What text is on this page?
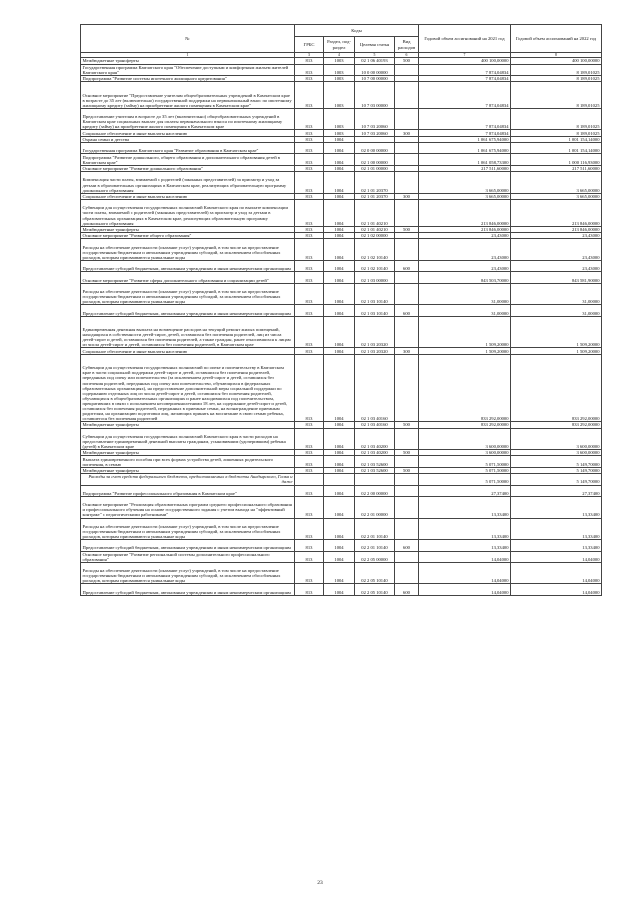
№	Коды				Годовой объем ассигнований на 2021 год	Годовой объем ассигнований на 2022 год
	ГРБС	Раздел, под-раздел	Целевая статья	Вид расходов		
1	3	4	5	6	7	8
Межбюджетные трансферты	813	1003	02 1 06 40193	500	400 100,00000	400 100,00000
Государственная программа Камчатского края "Обеспечение доступным и комфортным жильем жителей Камчатского края"	813	1003	10 0 00 00000		7 874,04834	8 189,01025
Подпрограмма "Развитие системы ипотечного жилищного кредитования"	813	1003	10 7 00 00000		7 874,04834	8 189,01025
Основное мероприятие "Предоставление учителям общеобразовательных учреждений в Камчатском крае в возрасте до 35 лет (включительно) государственной поддержки на первоначальный взнос по ипотечному жилищному кредиту (займу) на приобретение жилого помещения в Камчатском крае"	813	1003	10 7 03 00000		7 874,04834	8 189,01025
Предоставление учителям в возрасте до 35 лет (включительно) общеобразовательных учреждений в Камчатском крае социальных выплат для оплаты первоначального взноса по ипотечному жилищному кредиту (займу) на приобретение жилого помещения в Камчатском крае	813	1003	10 7 03 20060		7 874,04834	8 189,01025
Социальное обеспечение и иные выплаты населению	813	1003	10 7 03 20060	300	7 874,04834	8 189,01025
Охрана семьи и детства	813	1004			1 061 675,94000	1 001 154,14000
Государственная программа Камчатского края "Развитие образования в Камчатском крае"	813	1004	02 0 00 00000		1 061 675,94000	1 001 154,14000
Подпрограмма "Развитие дошкольного, общего образования и дополнительного образования детей в Камчатском крае"	813	1004	02 1 00 00000		1 061 058,73300	1 000 116,93000
Основное мероприятие "Развитие дошкольного образования"	813	1004	02 1 01 00000		217 511,60000	217 511,60000
Компенсация части платы, взимаемой с родителей (законных представителей) за присмотр и уход за детьми в образовательных организациях в Камчатском крае, реализующих образовательную программу дошкольного образования	813	1004	02 1 01 20370		3 665,00000	3 665,00000
Социальное обеспечение и иные выплаты населению	813	1004	02 1 01 20370	300	3 665,00000	3 665,00000
Субвенции для осуществления государственных полномочий Камчатского края по выплате компенсации части платы, взимаемой с родителей (законных представителей) за присмотр и уход за детьми в образовательных организациях в Камчатском крае, реализующих образовательную программу дошкольного образования	813	1004	02 1 01 40210		213 846,00000	213 846,00000
Межбюджетные трансферты	813	1004	02 1 01 40210	500	213 846,00000	213 846,00000
Основное мероприятие "Развитие общего образования"	813	1004	02 1 02 00000		23,43000	23,43000
Расходы на обеспечение деятельности (оказание услуг) учреждений, в том числе на предоставление государственным бюджетным и автономным учреждениям субсидий, за исключением обособленных расходов, которым присваиваются уникальные коды	813	1004	02 1 02 10140		23,43000	23,43000
Предоставление субсидий бюджетным, автономным учреждениям и иным некоммерческим организациям	813	1004	02 1 02 10140	600	23,43000	23,43000
Основное мероприятие "Развитие сферы дополнительного образования и социализации детей"	813	1004	02 1 03 00000		843 503,70000	843 581,90000
Расходы на обеспечение деятельности (оказание услуг) учреждений, в том числе на предоставление государственным бюджетным и автономным учреждениям субсидий, за исключением обособленных расходов, которым присваиваются уникальные коды	813	1004	02 1 03 10140		31,00000	31,00000
Предоставление субсидий бюджетным, автономным учреждениям и иным некоммерческим организациям	813	1004	02 1 03 10140	600	31,00000	31,00000
Единовременная денежная выплата на возмещение расходов на текущий ремонт жилых помещений, находящихся в собственности детей-сирот, детей, оставшихся без попечения родителей, лиц из числа детей-сирот и детей, оставшихся без попечения родителей, а также граждан, ранее относившихся к лицам из числа детей-сирот и детей, оставшихся без попечения родителей, в Камчатском крае	813	1004	02 1 03 20320		1 509,20000	1 509,20000
Социальное обеспечение и иные выплаты населению	813	1004	02 1 03 20320	300	1 509,20000	1 509,20000
Субвенции для осуществления государственных полномочий по опеке и попечительству в Камчатском крае в части социальной поддержки детей-сирот и детей, оставшихся без попечения родителей, переданных под опеку или попечительство (за исключением детей-сирот и детей, оставшихся без попечения родителей, переданных под опеку или попечительство, обучающихся в федеральных образовательных организациях), на предоставление дополнительной меры социальной поддержки по содержанию отдельных лиц из числа детей-сирот и детей, оставшихся без попечения родителей, обучающихся в общеобразовательных организациях и ранее находившихся под попечительством, прекративших в связи с исполнением несовершеннолетними 18 лет, на содержание детей-сирот и детей, оставшихся без попечения родителей, переданных в приемные семьи, на вознаграждение приемным родителям, на организацию подготовки лиц, желающих принять на воспитание в свою семью ребенка, оставшегося без попечения родителей	813	1004	02 1 03 40160		833 292,00000	833 292,00000
Межбюджетные трансферты	813	1004	02 1 03 40160	500	833 292,00000	833 292,00000
Субвенции для осуществления государственных полномочий Камчатского края в части расходов на предоставление единовременной денежной выплаты гражданам, усыновившим (удочерившим) ребенка (детей) в Камчатском крае	813	1004	02 1 03 40200		3 600,00000	3 600,00000
Межбюджетные трансферты	813	1004	02 1 03 40200	500	3 600,00000	3 600,00000
Выплата единовременного пособия при всех формах устройства детей, лишенных родительского попечения, в семью	813	1004	02 1 03 52600		5 071,50000	5 149,70000
Межбюджетные трансферты	813	1004	02 1 03 52600	500	5 071,50000	5 149,70000
Расходы за счет средств федерального бюджета, предоставляемых в бюджеты Анадырского, Галка и даже					5 071,50000	5 149,70000
Подпрограмма "Развитие профессионального образования в Камчатском крае"	813	1004	02 2 00 00000		27,37400	27,37400
Основное мероприятие "Реализация образовательных программ среднего профессионального образования и профессионального обучения на основе государственного задания с учетом выхода на "эффективный контракт" с педагогическими работниками"	813	1004	02 2 01 00000		13,33400	13,33400
Расходы на обеспечение деятельности (оказание услуг) учреждений, в том числе на предоставление государственным бюджетным и автономным учреждениям субсидий, за исключением обособленных расходов, которым присваиваются уникальные коды	813	1004	02 2 01 10140		13,33400	13,33400
Предоставление субсидий бюджетным, автономным учреждениям и иным некоммерческим организациям	813	1004	02 2 01 10140	600	13,33400	13,33400
Основное мероприятие "Развитие региональной системы дополнительного профессионального образования"	813	1004	02 2 05 00000		14,04000	14,04000
Расходы на обеспечение деятельности (оказание услуг) учреждений, в том числе на предоставление государственным бюджетным и автономным учреждениям субсидий, за исключением обособленных расходов, которым присваиваются уникальные коды	813	1004	02 2 05 10140		14,04000	14,04000
Предоставление субсидий бюджетным, автономным учреждениям и иным некоммерческим организациям	813	1004	02 2 05 10140	600	14,04000	14,04000
23
